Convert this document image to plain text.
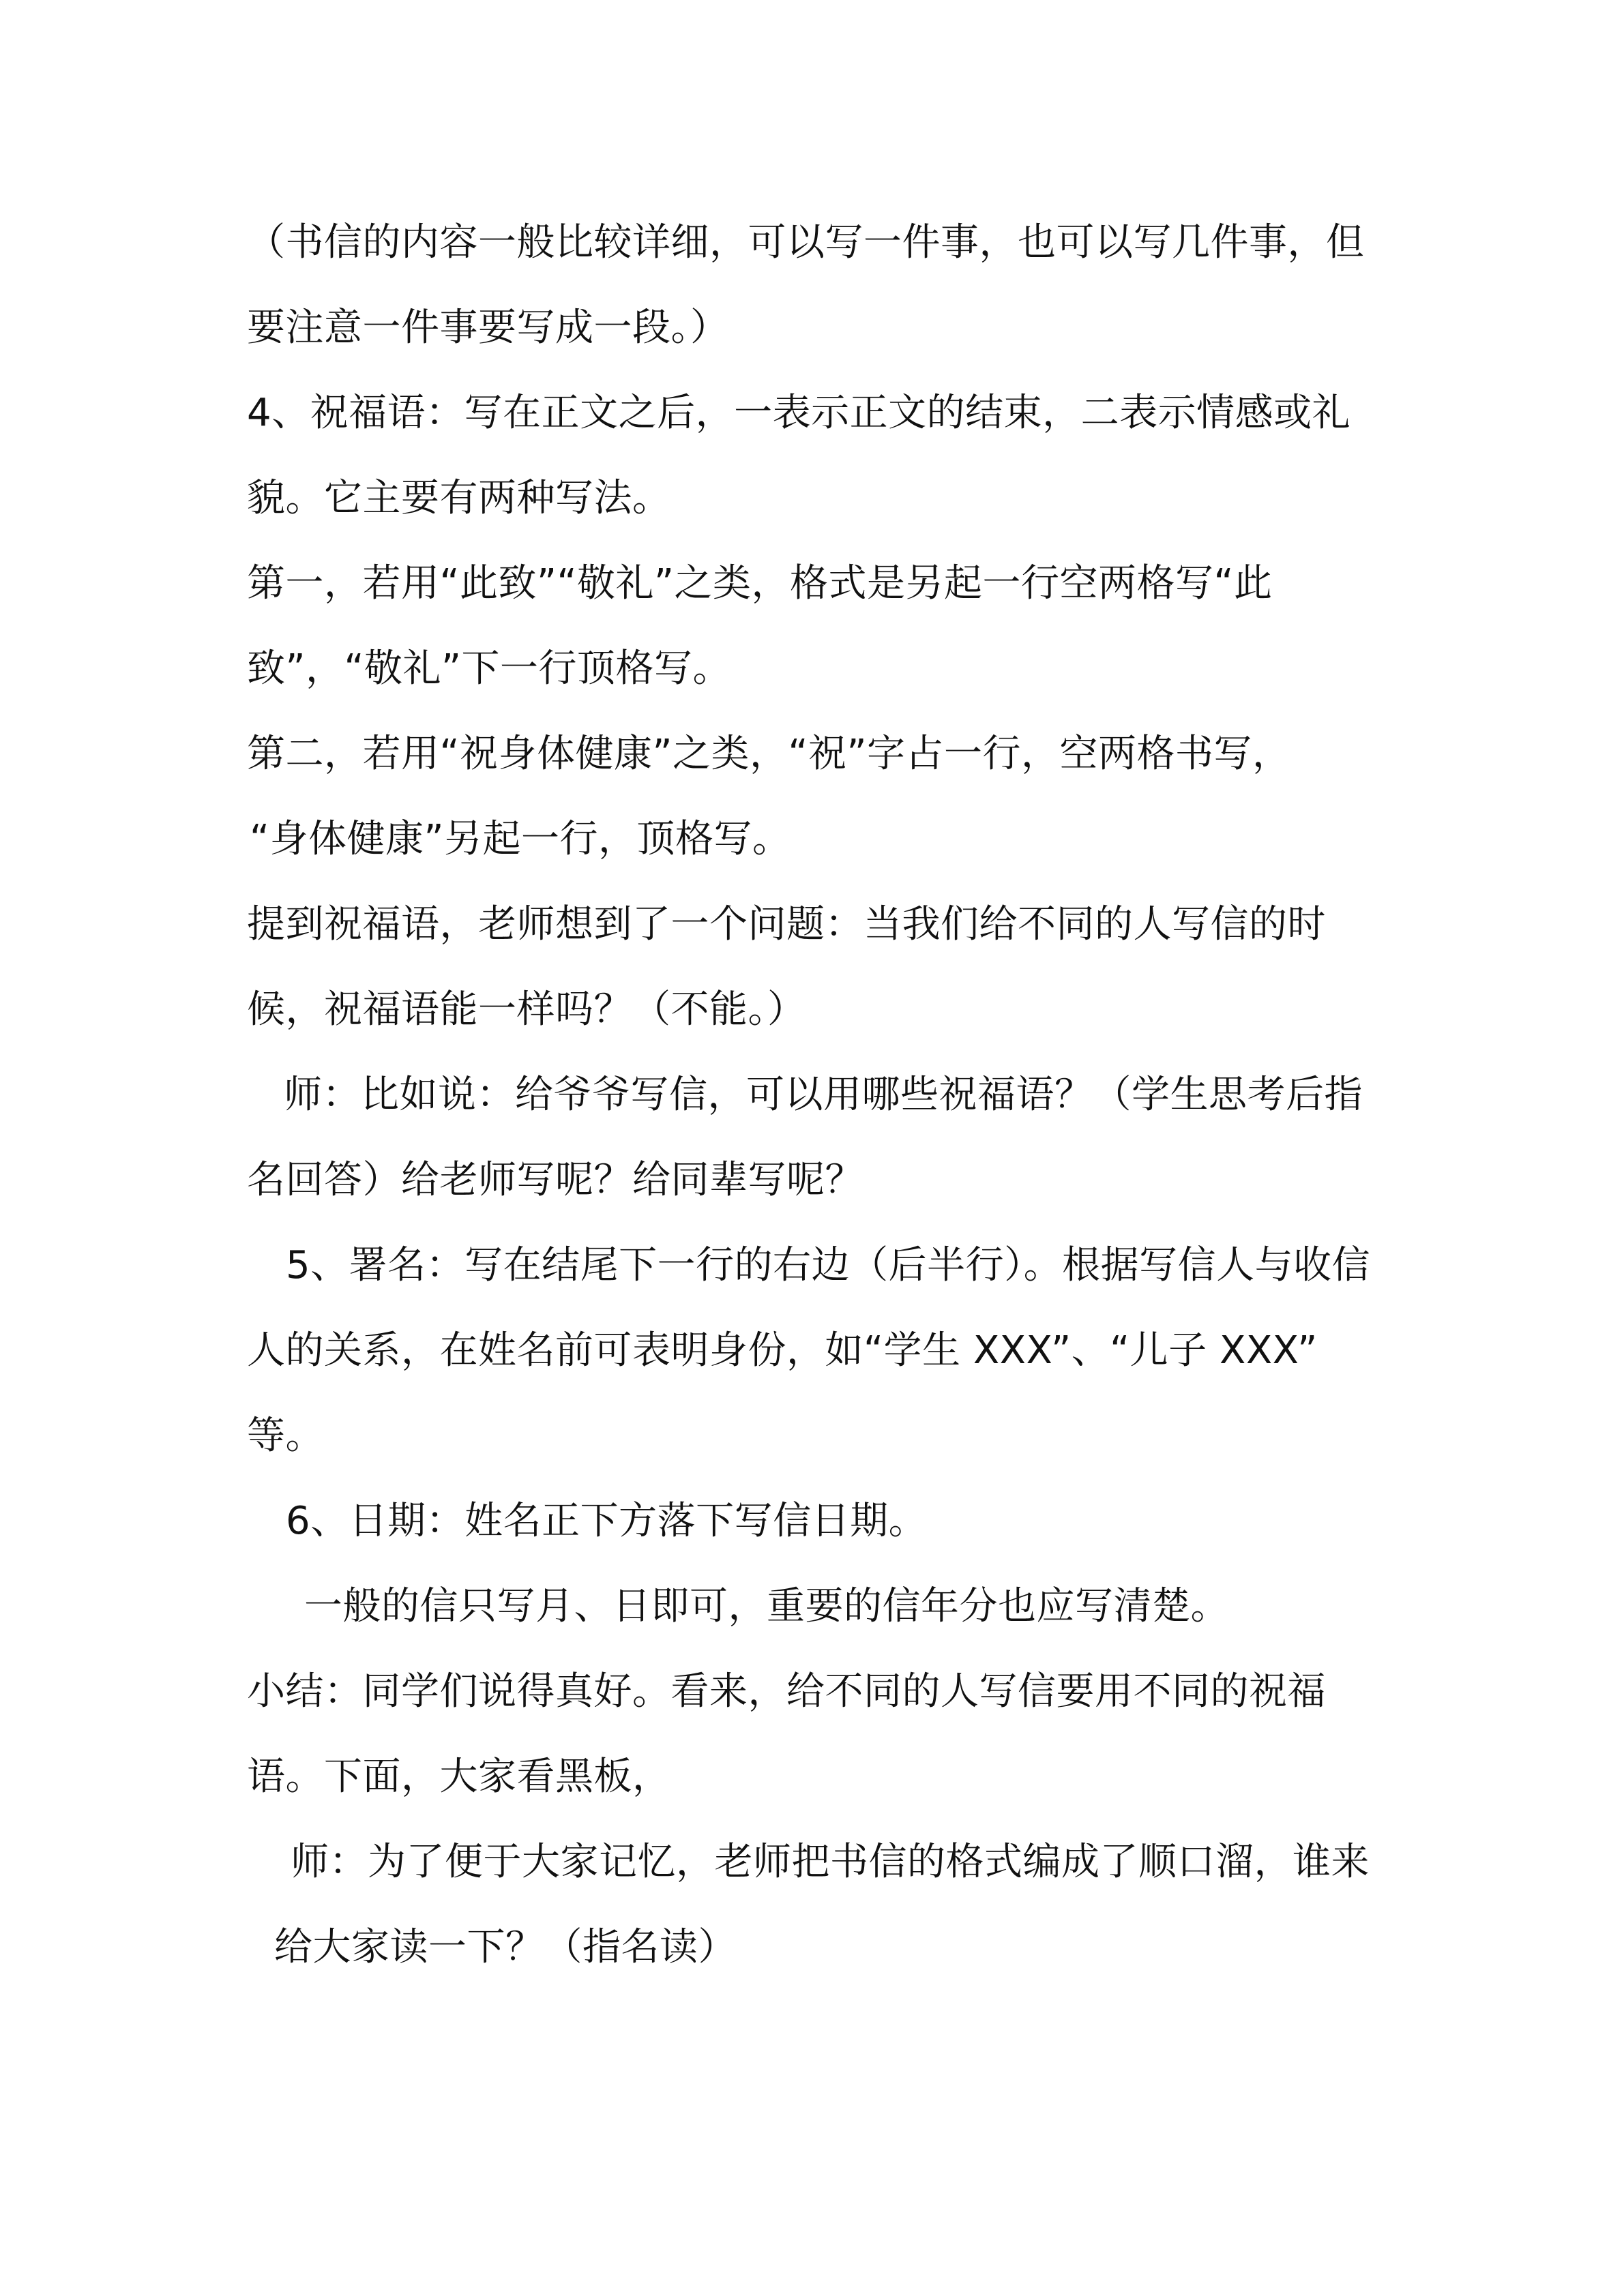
（书信的内容一般比较详细，可以写一件事，也可以写几件事，但
要注意一件事要写成一段。）
4、祝福语：写在正文之后，一表示正文的结束，二表示情感或礼
貌。它主要有两种写法。
第一，若用“此致”“敬礼”之类，格式是另起一行空两格写“此
致”，“敬礼”下一行顶格写。
第二，若用“祝身体健康”之类，“祝”字占一行，空两格书写，
“身体健康”另起一行，顶格写。
提到祝福语，老师想到了一个问题：当我们给不同的人写信的时
候，祝福语能一样吗？（不能。）
师：比如说：给爷爷写信，可以用哪些祝福语？（学生思考后指
名回答）给老师写呢？给同辈写呢？
5、署名：写在结尾下一行的右边（后半行）。根据写信人与收信
人的关系，在姓名前可表明身份，如“学生 XXX”、“儿子 XXX”
等。
6、日期：姓名正下方落下写信日期。
一般的信只写月、日即可，重要的信年分也应写清楚。
小结：同学们说得真好。看来，给不同的人写信要用不同的祝福
语。下面，大家看黑板，
师：为了便于大家记忆，老师把书信的格式编成了顺口溜，谁来
给大家读一下？（指名读）
